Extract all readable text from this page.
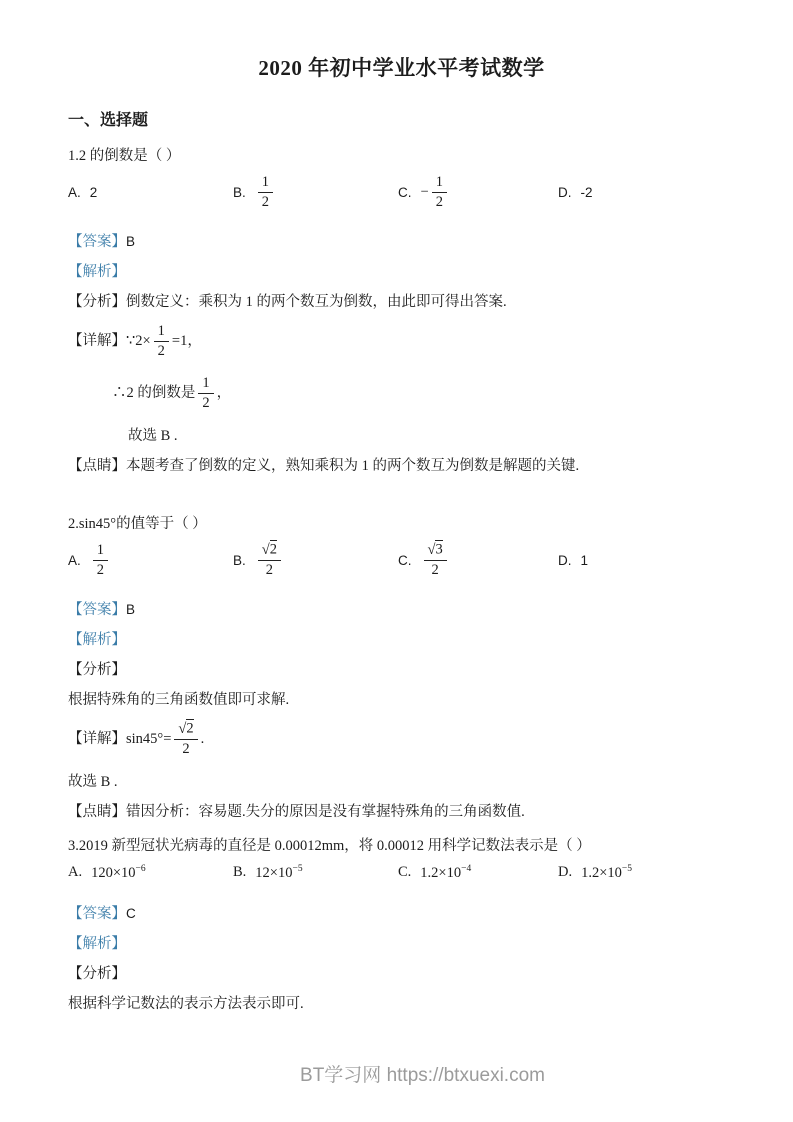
2020 年初中学业水平考试数学
一、选择题

1.2 的倒数是（ ）

A. 2	B. $\frac{1}{2}$	C. − $\frac{1}{2}$	D. -2

【答案】B

【解析】

【分析】倒数定义：乘积为 1 的两个数互为倒数，由此即可得出答案.

【详解】 ∵2× $\frac{1}{2} =1$，
∴2 的倒数是 $\frac{1}{2}$ ，

故选 B .

【点睛】本题考查了倒数的定义，熟知乘积为 1 的两个数互为倒数是解题的关键.

2.sin45°的值等于（ ）

A. $\frac{1}{2}$	B. $\frac{√2}{2}$	C. $\frac{√3}{2}$	D. 1

【答案】B

【解析】

【分析】

根据特殊角的三角函数值即可求解.

【详解】 $\sin 45^\circ= \frac{√2}{2}$ .

故选 B .

【点睛】错因分析：容易题.失分的原因是没有掌握特殊角的三角函数值.

3.2019 新型冠状光病毒的直径是 0.00012mm，将 0.00012 用科学记数法表示是（ ）

A. $120\times 10^{-6}$	B. $12\times 10^{-5}$	C. $1.2\times 10^{-4}$	D. $1.2\times 10^{-5}$

【答案】C

【解析】

【分析】

根据科学记数法的表示方法表示即可.

BT学习网 https://btxuexi.com
